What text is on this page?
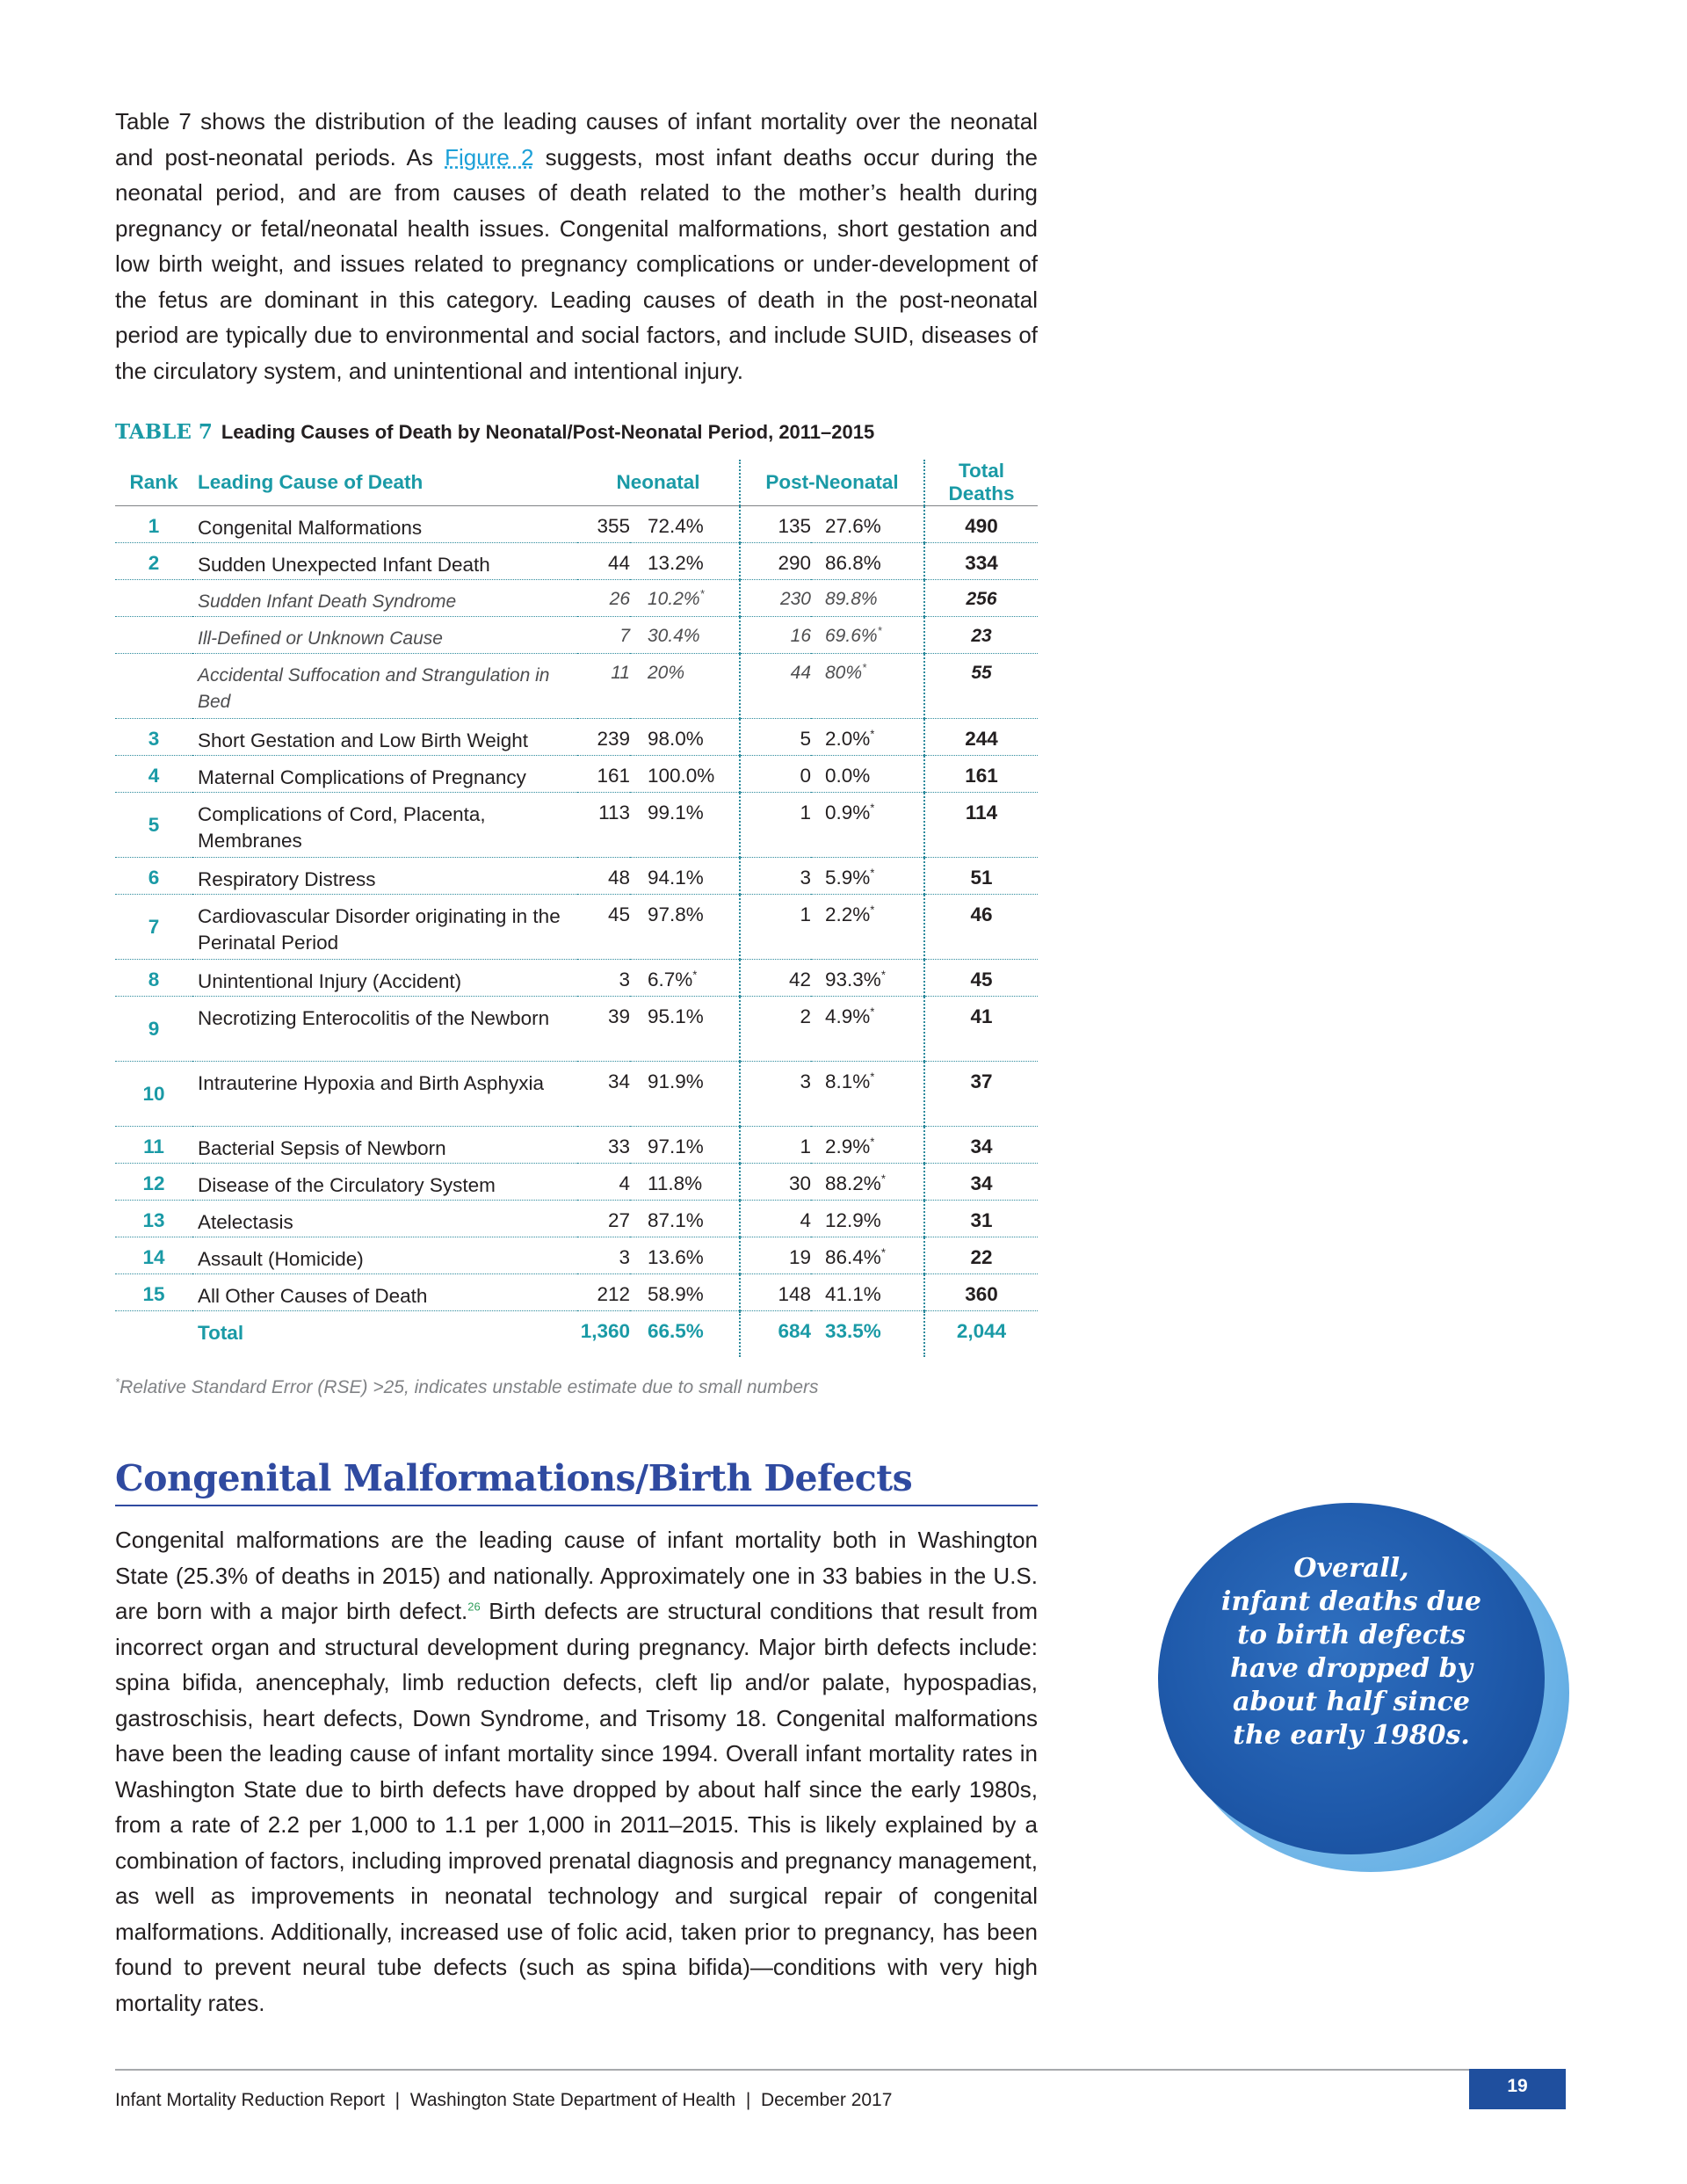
Table 7 shows the distribution of the leading causes of infant mortality over the neonatal and post-neonatal periods. As Figure 2 suggests, most infant deaths occur during the neonatal period, and are from causes of death related to the mother’s health during pregnancy or fetal/neonatal health issues. Congenital malformations, short gestation and low birth weight, and issues related to pregnancy complications or under-development of the fetus are dominant in this category. Leading causes of death in the post-neonatal period are typically due to environmental and social factors, and include SUID, diseases of the circulatory system, and unintentional and intentional injury.
TABLE 7 Leading Causes of Death by Neonatal/Post-Neonatal Period, 2011–2015
Rank	Leading Cause of Death	Neonatal		Post-Neonatal		Total Deaths
1	Congenital Malformations	355	72.4%	135	27.6%	490
2	Sudden Unexpected Infant Death	44	13.2%	290	86.8%	334
	Sudden Infant Death Syndrome	26	10.2%*	230	89.8%	256
	Ill-Defined or Unknown Cause	7	30.4%	16	69.6%*	23
	Accidental Suffocation and Strangulation in Bed	11	20%	44	80%*	55
3	Short Gestation and Low Birth Weight	239	98.0%	5	2.0%*	244
4	Maternal Complications of Pregnancy	161	100.0%	0	0.0%	161
5	Complications of Cord, Placenta, Membranes	113	99.1%	1	0.9%*	114
6	Respiratory Distress	48	94.1%	3	5.9%*	51
7	Cardiovascular Disorder originating in the Perinatal Period	45	97.8%	1	2.2%*	46
8	Unintentional Injury (Accident)	3	6.7%*	42	93.3%*	45
9	Necrotizing Enterocolitis of the Newborn	39	95.1%	2	4.9%*	41
10	Intrauterine Hypoxia and Birth Asphyxia	34	91.9%	3	8.1%*	37
11	Bacterial Sepsis of Newborn	33	97.1%	1	2.9%*	34
12	Disease of the Circulatory System	4	11.8%	30	88.2%*	34
13	Atelectasis	27	87.1%	4	12.9%	31
14	Assault (Homicide)	3	13.6%	19	86.4%*	22
15	All Other Causes of Death	212	58.9%	148	41.1%	360
	Total	1,360	66.5%	684	33.5%	2,044
*Relative Standard Error (RSE) >25, indicates unstable estimate due to small numbers
Congenital Malformations/Birth Defects
Congenital malformations are the leading cause of infant mortality both in Washington State (25.3% of deaths in 2015) and nationally. Approximately one in 33 babies in the U.S. are born with a major birth defect.$^{26}$ Birth defects are structural conditions that result from incorrect organ and structural development during pregnancy. Major birth defects include: spina bifida, anencephaly, limb reduction defects, cleft lip and/or palate, hypospadias, gastroschisis, heart defects, Down Syndrome, and Trisomy 18. Congenital malformations have been the leading cause of infant mortality since 1994. Overall infant mortality rates in Washington State due to birth defects have dropped by about half since the early 1980s, from a rate of 2.2 per 1,000 to 1.1 per 1,000 in 2011–2015. This is likely explained by a combination of factors, including improved prenatal diagnosis and pregnancy management, as well as improvements in neonatal technology and surgical repair of congenital malformations. Additionally, increased use of folic acid, taken prior to pregnancy, has been found to prevent neural tube defects (such as spina bifida)—conditions with very high mortality rates.
Overall,
infant deaths due
to birth defects
have dropped by
about half since
the early 1980s.
Infant Mortality Reduction Report  |  Washington State Department of Health  |  December 2017
19
